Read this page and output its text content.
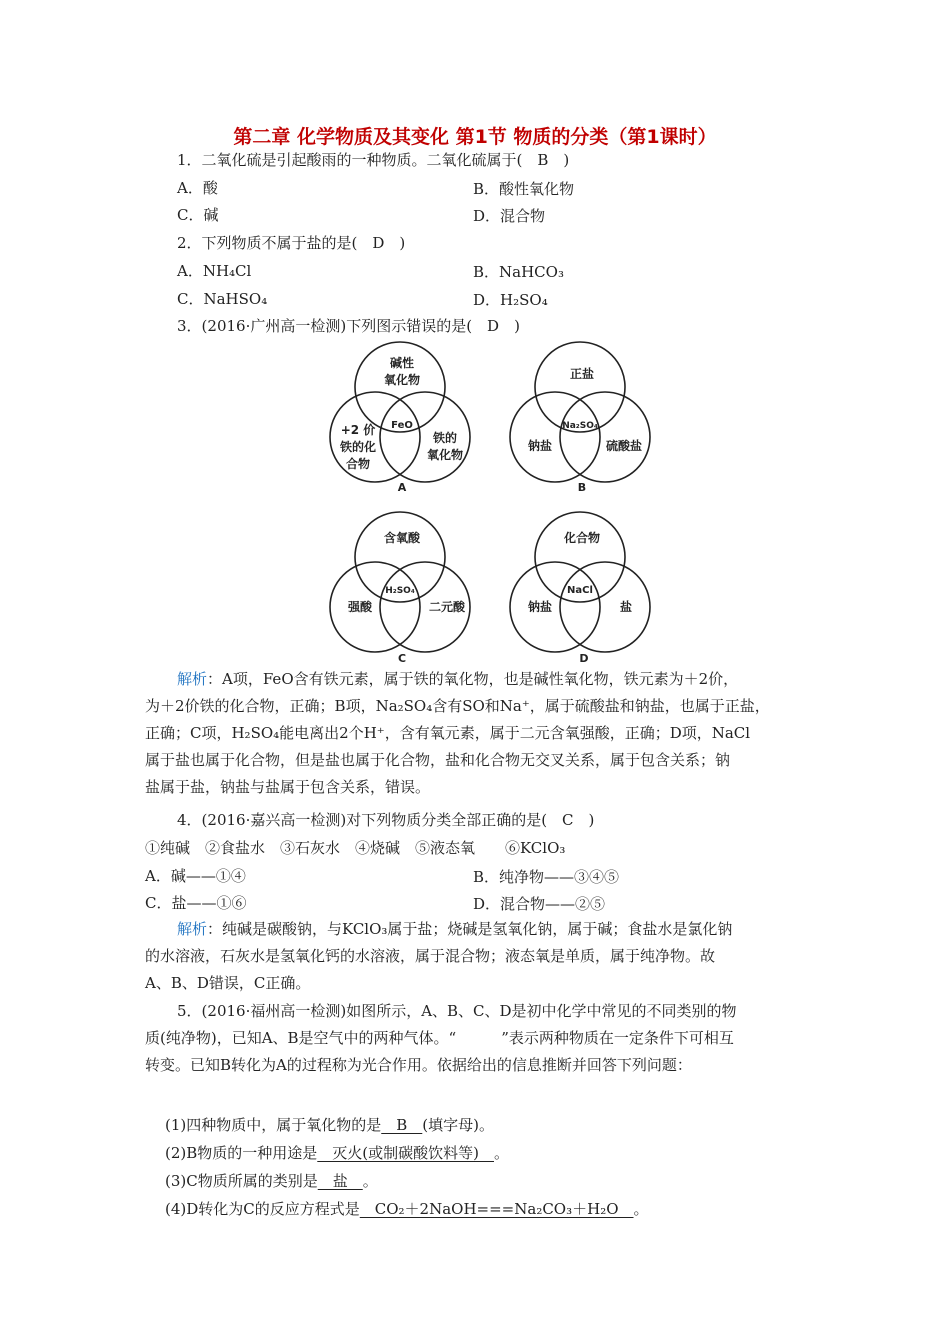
第二章 化学物质及其变化 第1节 物质的分类（第1课时）
1．二氧化硫是引起酸雨的一种物质。二氧化硫属于(　B　)
A．酸	B．酸性氧化物
C．碱	D．混合物
2．下列物质不属于盐的是(　D　)
A．NH₄Cl	B．NaHCO₃
C．NaHSO₄	D．H₂SO₄
3．(2016·广州高一检测)下列图示错误的是(　D　)
碱性
氧化物
+2 价
铁的化
合物
铁的
氧化物
FeO
A
正盐
钠盐	硫酸盐
Na₂SO₄
B
含氧酸
强酸	二元酸
H₂SO₄
C
化合物
钠盐	盐
NaCl
D
解析：A项，FeO含有铁元素，属于铁的氧化物，也是碱性氧化物，铁元素为＋2价，
为＋2价铁的化合物，正确；B项，Na₂SO₄含有SO和Na⁺，属于硫酸盐和钠盐，也属于正盐，
正确；C项，H₂SO₄能电离出2个H⁺，含有氧元素，属于二元含氧强酸，正确；D项，NaCl
属于盐也属于化合物，但是盐也属于化合物，盐和化合物无交叉关系，属于包含关系；钠
盐属于盐，钠盐与盐属于包含关系，错误。
4．(2016·嘉兴高一检测)对下列物质分类全部正确的是(　C　)
①纯碱　②食盐水　③石灰水　④烧碱　⑤液态氧　　⑥KClO₃
A．碱——①④	B．纯净物——③④⑤
C．盐——①⑥	D．混合物——②⑤
解析：纯碱是碳酸钠，与KClO₃属于盐；烧碱是氢氧化钠，属于碱；食盐水是氯化钠
的水溶液，石灰水是氢氧化钙的水溶液，属于混合物；液态氧是单质，属于纯净物。故
A、B、D错误，C正确。
5．(2016·福州高一检测)如图所示，A、B、C、D是初中化学中常见的不同类别的物
质(纯净物)，已知A、B是空气中的两种气体。“　　　”表示两种物质在一定条件下可相互
转变。已知B转化为A的过程称为光合作用。依据给出的信息推断并回答下列问题：
(1)四种物质中，属于氧化物的是　B　(填字母)。
(2)B物质的一种用途是　灭火(或制碳酸饮料等)　。
(3)C物质所属的类别是　盐　。
(4)D转化为C的反应方程式是　CO₂＋2NaOH===Na₂CO₃＋H₂O　。
